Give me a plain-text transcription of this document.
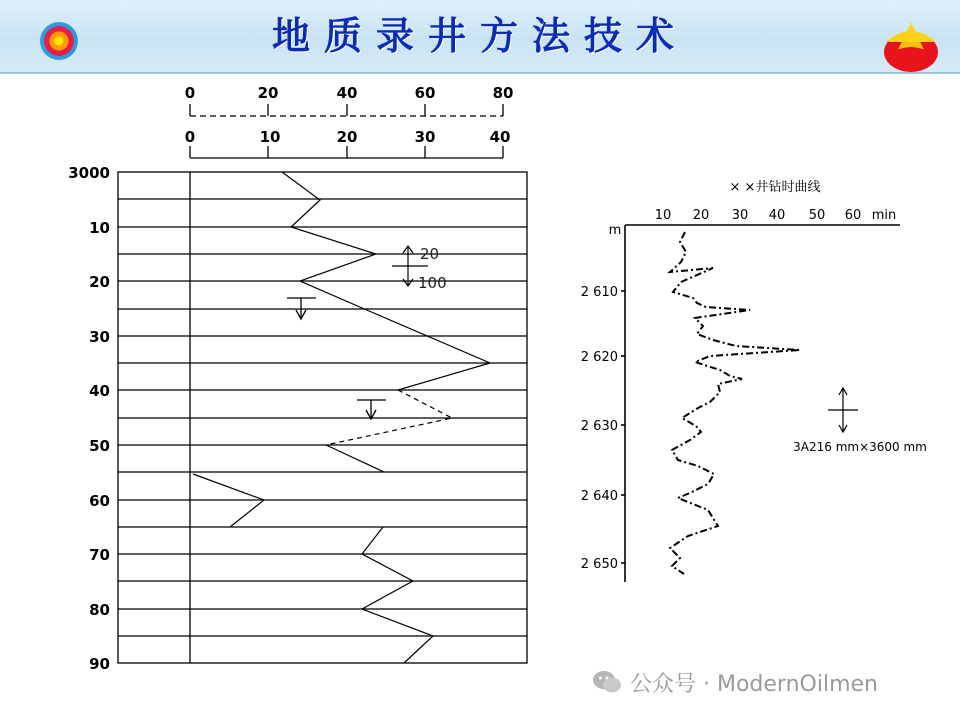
地质录井方法技术
0	20	40	60	80
0	10	20	30	40
3000
10
20
30
40
50
60
70
80
90
20
100
× ×井钻时曲线
10 20 30 40 50 60 min
m
2 610
2 620
2 630
2 640
2 650
3A216 mm×3600 mm
公众号 · ModernOilmen
